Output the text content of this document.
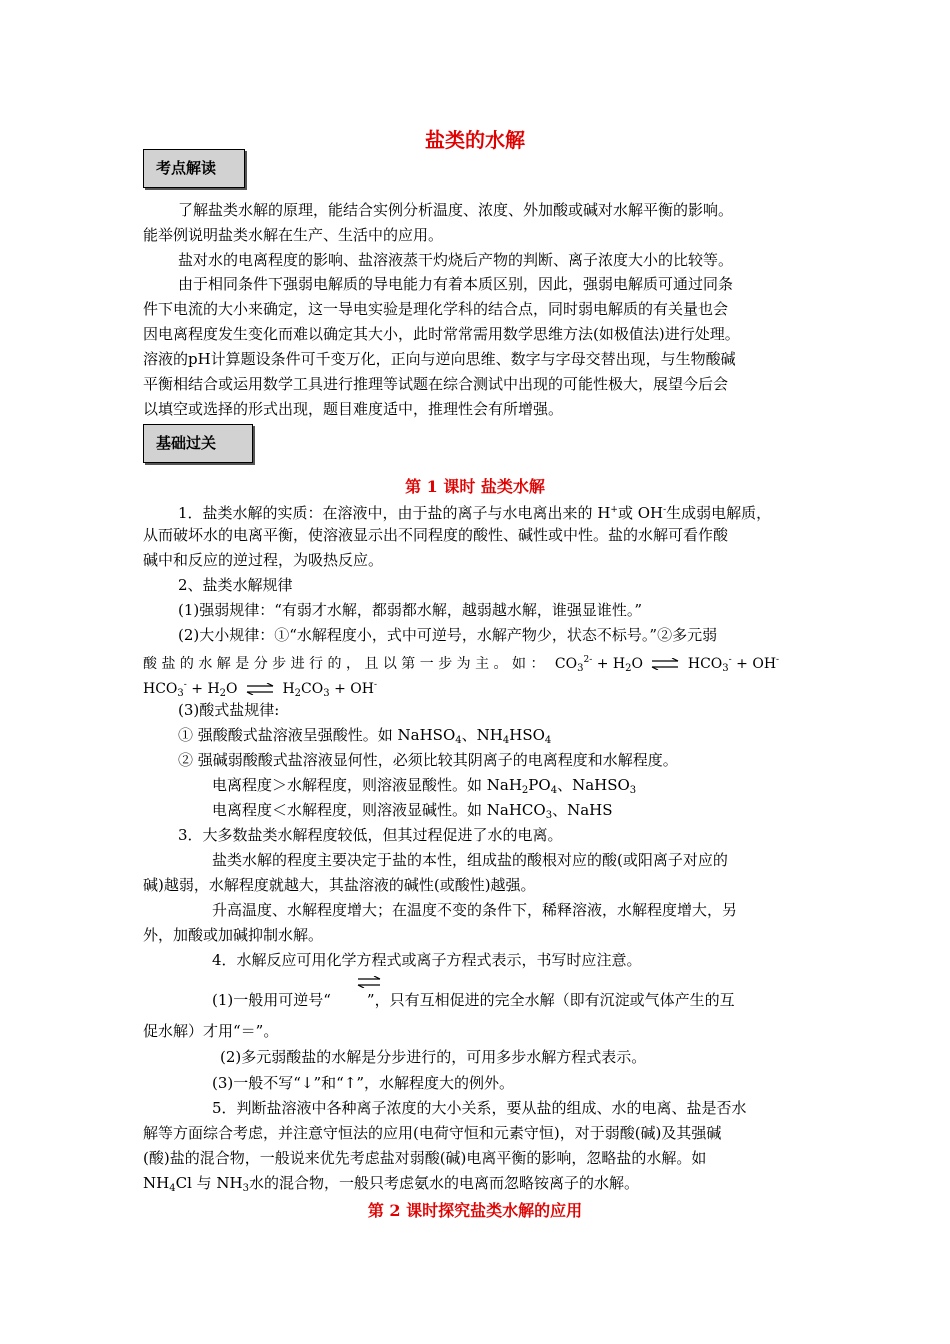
盐类的水解
考点解读
了解盐类水解的原理，能结合实例分析温度、浓度、外加酸或碱对水解平衡的影响。
能举例说明盐类水解在生产、生活中的应用。
盐对水的电离程度的影响、盐溶液蒸干灼烧后产物的判断、离子浓度大小的比较等。
由于相同条件下强弱电解质的导电能力有着本质区别，因此，强弱电解质可通过同条
件下电流的大小来确定，这一导电实验是理化学科的结合点，同时弱电解质的有关量也会
因电离程度发生变化而难以确定其大小，此时常常需用数学思维方法(如极值法)进行处理。
溶液的pH计算题设条件可千变万化，正向与逆向思维、数字与字母交替出现，与生物酸碱
平衡相结合或运用数学工具进行推理等试题在综合测试中出现的可能性极大，展望今后会
以填空或选择的形式出现，题目难度适中，推理性会有所增强。
基础过关
第 1 课时 盐类水解
1．盐类水解的实质：在溶液中，由于盐的离子与水电离出来的 H+或 OH-生成弱电解质，
从而破坏水的电离平衡，使溶液显示出不同程度的酸性、碱性或中性。盐的水解可看作酸
碱中和反应的逆过程，为吸热反应。
2、盐类水解规律
(1)强弱规律：“有弱才水解，都弱都水解，越弱越水解，谁强显谁性。”
(2)大小规律：①“水解程度小，式中可逆号，水解产物少，状态不标号。”②多元弱
酸 盐 的 水 解 是 分 步 进 行 的 ， 且 以 第 一 步 为 主 。 如 ： $CO_3^{2-} + H_2O$ ⇌ $HCO_3^- + OH^-$
$HCO_3^- + H_2O$ ⇌ $H_2CO_3 + OH^-$
(3)酸式盐规律:
① 强酸酸式盐溶液呈强酸性。如 NaHSO$_4$、$NH_4HSO_4$
② 强碱弱酸酸式盐溶液显何性，必须比较其阴离子的电离程度和水解程度。
电离程度＞水解程度，则溶液显酸性。如 $NaH_2PO_4$、NaHSO$_3$
电离程度＜水解程度，则溶液显碱性。如 NaHCO$_3$、NaHS
3．大多数盐类水解程度较低，但其过程促进了水的电离。
盐类水解的程度主要决定于盐的本性，组成盐的酸根对应的酸(或阳离子对应的
碱)越弱，水解程度就越大，其盐溶液的碱性(或酸性)越强。
升高温度、水解程度增大；在温度不变的条件下，稀释溶液，水解程度增大，另
外，加酸或加碱抑制水解。
4．水解反应可用化学方程式或离子方程式表示，书写时应注意。
(1)一般用可逆号“ ”，只有互相促进的完全水解（即有沉淀或气体产生的互
促水解）才用“＝”。
(2)多元弱酸盐的水解是分步进行的，可用多步水解方程式表示。
(3)一般不写“↓”和“↑”，水解程度大的例外。
5．判断盐溶液中各种离子浓度的大小关系，要从盐的组成、水的电离、盐是否水
解等方面综合考虑，并注意守恒法的应用(电荷守恒和元素守恒)，对于弱酸(碱)及其强碱
(酸)盐的混合物，一般说来优先考虑盐对弱酸(碱)电离平衡的影响，忽略盐的水解。如
$NH_4Cl$ 与 $NH_3$水的混合物，一般只考虑氨水的电离而忽略铵离子的水解。
第 2 课时探究盐类水解的应用
